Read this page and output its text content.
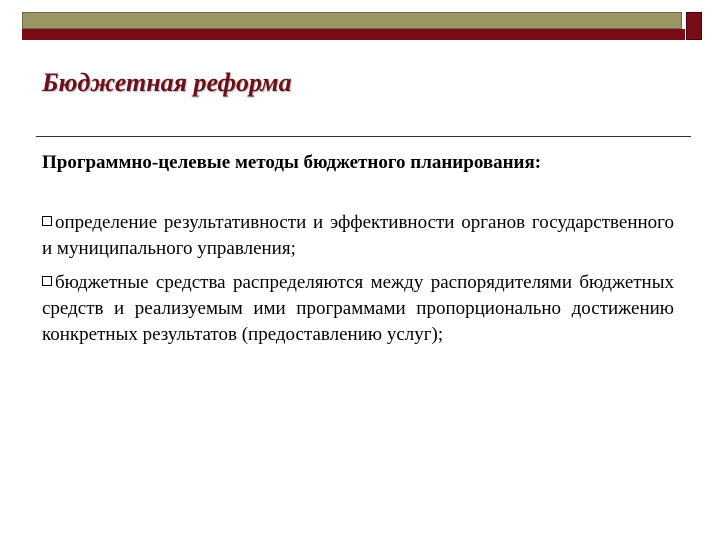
Бюджетная реформа

Программно-целевые методы бюджетного планирования:

определение результативности и эффективности органов государственного и муниципального управления;

бюджетные средства распределяются между распорядителями бюджетных средств и реализуемым ими программами пропорционально достижению конкретных результатов (предоставлению услуг);
